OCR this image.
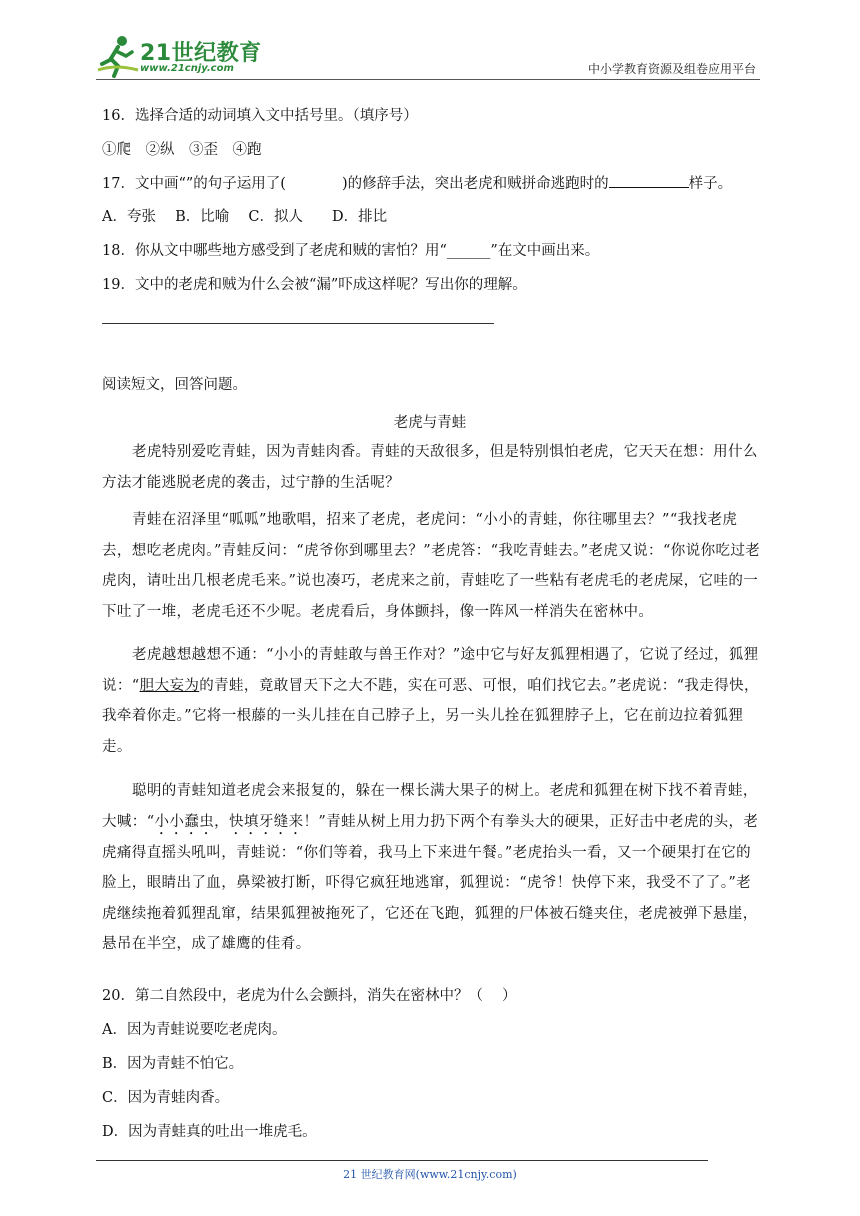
21世纪教育
www.21cnjy.com	中小学教育资源及组卷应用平台
16．选择合适的动词填入文中括号里。（填序号）
①爬　②纵　③歪　④跑
17．文中画“”的句子运用了(	)的修辞手法，突出老虎和贼拼命逃跑时的	样子。
A．夸张　 B．比喻　 C．拟人　　D．排比
18．你从文中哪些地方感受到了老虎和贼的害怕？用“______”在文中画出来。
19．文中的老虎和贼为什么会被“漏”吓成这样呢？写出你的理解。
阅读短文，回答问题。
老虎与青蛙
老虎特别爱吃青蛙，因为青蛙肉香。青蛙的天敌很多，但是特别惧怕老虎，它天天在想：用什么方法才能逃脱老虎的袭击，过宁静的生活呢？
青蛙在沼泽里“呱呱”地歌唱，招来了老虎，老虎问：“小小的青蛙，你往哪里去？”“我找老虎去，想吃老虎肉。”青蛙反问：“虎爷你到哪里去？”老虎答：“我吃青蛙去。”老虎又说：“你说你吃过老虎肉，请吐出几根老虎毛来。”说也凑巧，老虎来之前，青蛙吃了一些粘有老虎毛的老虎屎，它哇的一下吐了一堆，老虎毛还不少呢。老虎看后，身体颤抖，像一阵风一样消失在密林中。
老虎越想越想不通：“小小的青蛙敢与兽王作对？”途中它与好友狐狸相遇了，它说了经过，狐狸说：“胆大妄为的青蛙，竟敢冒天下之大不韪，实在可恶、可恨，咱们找它去。”老虎说：“我走得快，我牵着你走。”它将一根藤的一头儿挂在自己脖子上，另一头儿拴在狐狸脖子上，它在前边拉着狐狸走。
聪明的青蛙知道老虎会来报复的，躲在一棵长满大果子的树上。老虎和狐狸在树下找不着青蛙，大喊：“小小蠢虫，快填牙缝来！”青蛙从树上用力扔下两个有拳头大的硬果，正好击中老虎的头，老虎痛得直摇头吼叫，青蛙说：“你们等着，我马上下来进午餐。”老虎抬头一看，又一个硬果打在它的脸上，眼睛出了血，鼻梁被打断，吓得它疯狂地逃窜，狐狸说：“虎爷！快停下来，我受不了了。”老虎继续拖着狐狸乱窜，结果狐狸被拖死了，它还在飞跑，狐狸的尸体被石缝夹住，老虎被弹下悬崖，悬吊在半空，成了雄鹰的佳肴。
20．第二自然段中，老虎为什么会颤抖，消失在密林中？（　 ）
A．因为青蛙说要吃老虎肉。
B．因为青蛙不怕它。
C．因为青蛙肉香。
D．因为青蛙真的吐出一堆虎毛。
21 世纪教育网(www.21cnjy.com)
